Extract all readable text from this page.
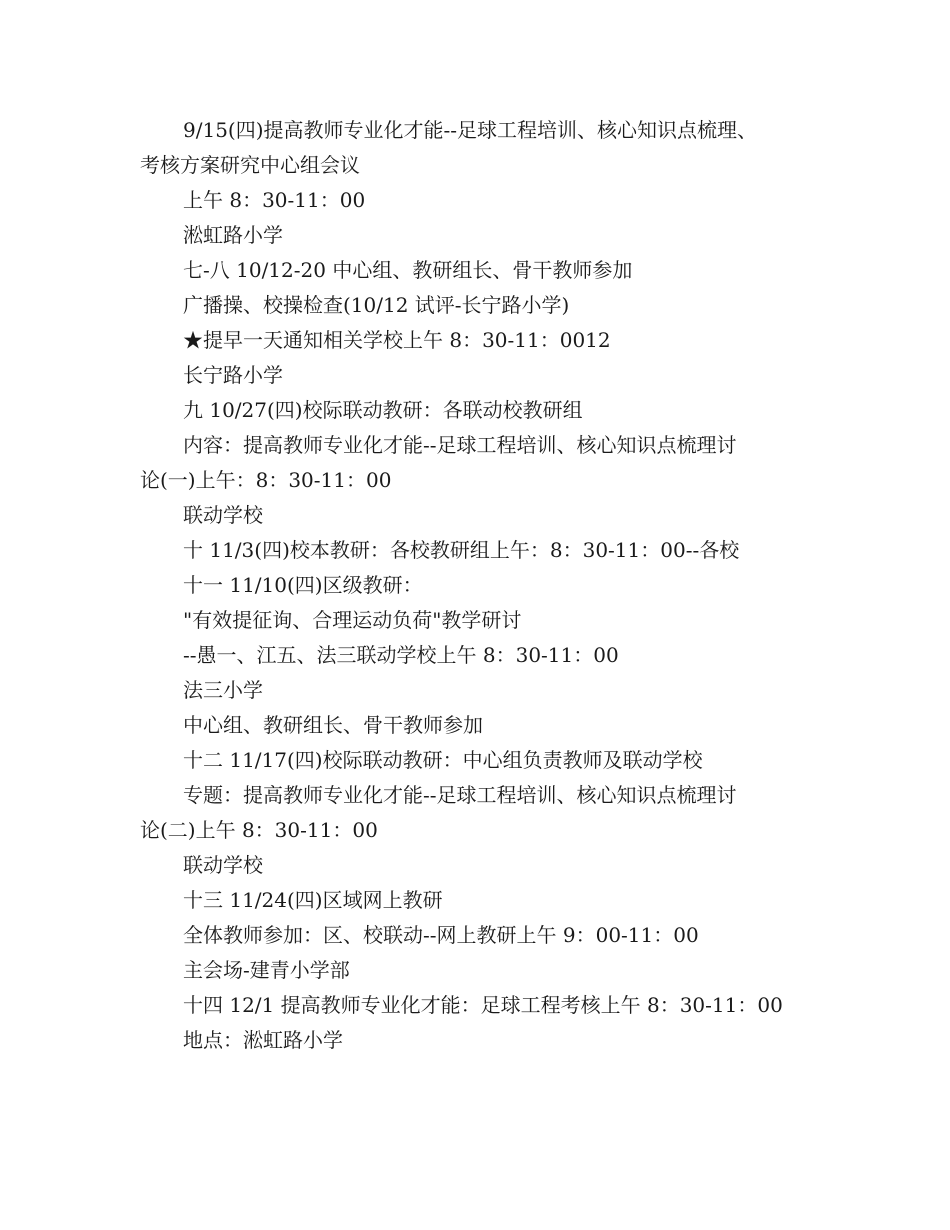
9/15(四)提高教师专业化才能--足球工程培训、核心知识点梳理、
考核方案研究中心组会议
上午 8：30-11：00
淞虹路小学
七-八 10/12-20 中心组、教研组长、骨干教师参加
广播操、校操检查(10/12 试评-长宁路小学)
★提早一天通知相关学校上午 8：30-11：0012
长宁路小学
九 10/27(四)校际联动教研：各联动校教研组
内容：提高教师专业化才能--足球工程培训、核心知识点梳理讨
论(一)上午：8：30-11：00
联动学校
十 11/3(四)校本教研：各校教研组上午：8：30-11：00--各校
十一 11/10(四)区级教研：
"有效提征询、合理运动负荷"教学研讨
--愚一、江五、法三联动学校上午 8：30-11：00
法三小学
中心组、教研组长、骨干教师参加
十二 11/17(四)校际联动教研：中心组负责教师及联动学校
专题：提高教师专业化才能--足球工程培训、核心知识点梳理讨
论(二)上午 8：30-11：00
联动学校
十三 11/24(四)区域网上教研
全体教师参加：区、校联动--网上教研上午 9：00-11：00
主会场-建青小学部
十四 12/1 提高教师专业化才能：足球工程考核上午 8：30-11：00
地点：淞虹路小学
